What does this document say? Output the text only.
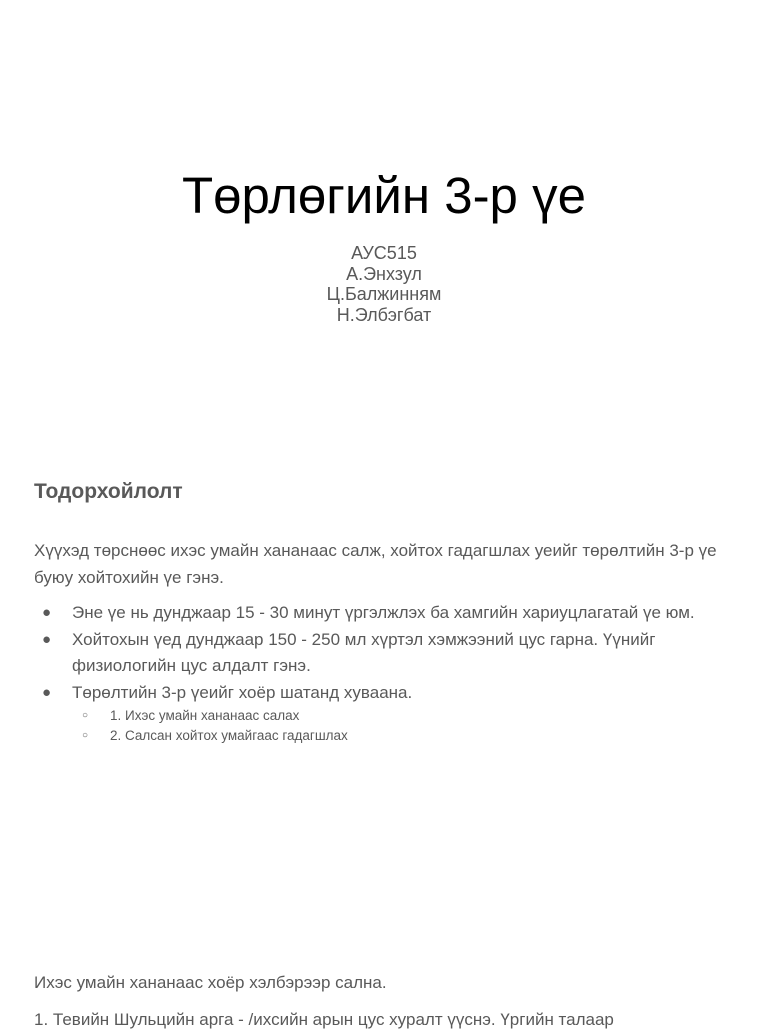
Төрлөгийн 3-р үе
АУС515
А.Энхзул
Ц.Балжинням
Н.Элбэгбат
Тодорхойлолт
Хүүхэд төрснөөс ихэс умайн хананаас салж, хойтох гадагшлах уеийг төрөлтийн 3-р үе буюу хойтохийн үе гэнэ.
● Эне үе нь дунджаар 15 - 30 минут үргэлжлэх ба хамгийн хариуцлагатай үе юм.
● Хойтохын үед дунджаар 150 - 250 мл хүртэл хэмжээний цус гарна. Үүнийг физиологийн цус алдалт гэнэ.
● Төрөлтийн 3-р үеийг хоёр шатанд хуваана.
○ 1. Ихэс умайн хананаас салах
○ 2. Салсан хойтох умайгаас гадагшлах
Ихэс умайн хананаас хоёр хэлбэрээр сална.
1. Тевийн Шульцийн арга - /ихсийн арын цус хуралт үүснэ. Үргийн талаар
